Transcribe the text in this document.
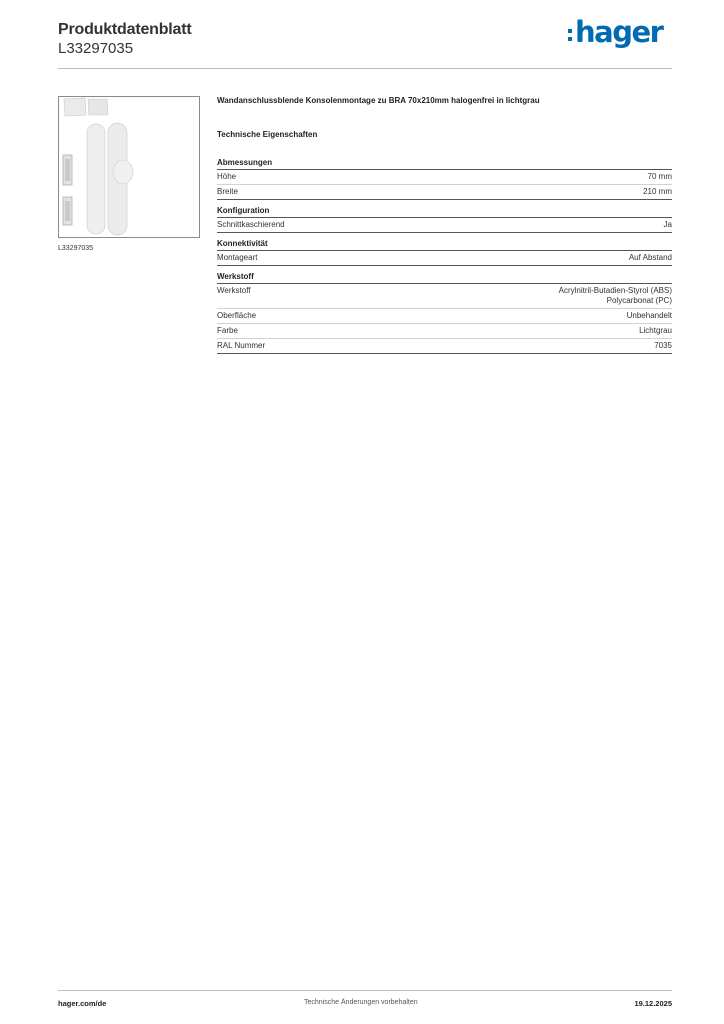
Produktdatenblatt
L33297035	hager
L33297035
Wandanschlussblende Konsolenmontage zu BRA 70x210mm halogenfrei in lichtgrau
Technische Eigenschaften
Abmessungen
Höhe	70 mm
Breite	210 mm
Konfiguration
Schnittkaschierend	Ja
Konnektivität
Montageart	Auf Abstand
Werkstoff
Werkstoff	Acrylnitril-Butadien-Styrol (ABS)
Polycarbonat (PC)
Oberfläche	Unbehandelt
Farbe	Lichtgrau
RAL Nummer	7035
hager.com/de	Technische Änderungen vorbehalten	19.12.2025
